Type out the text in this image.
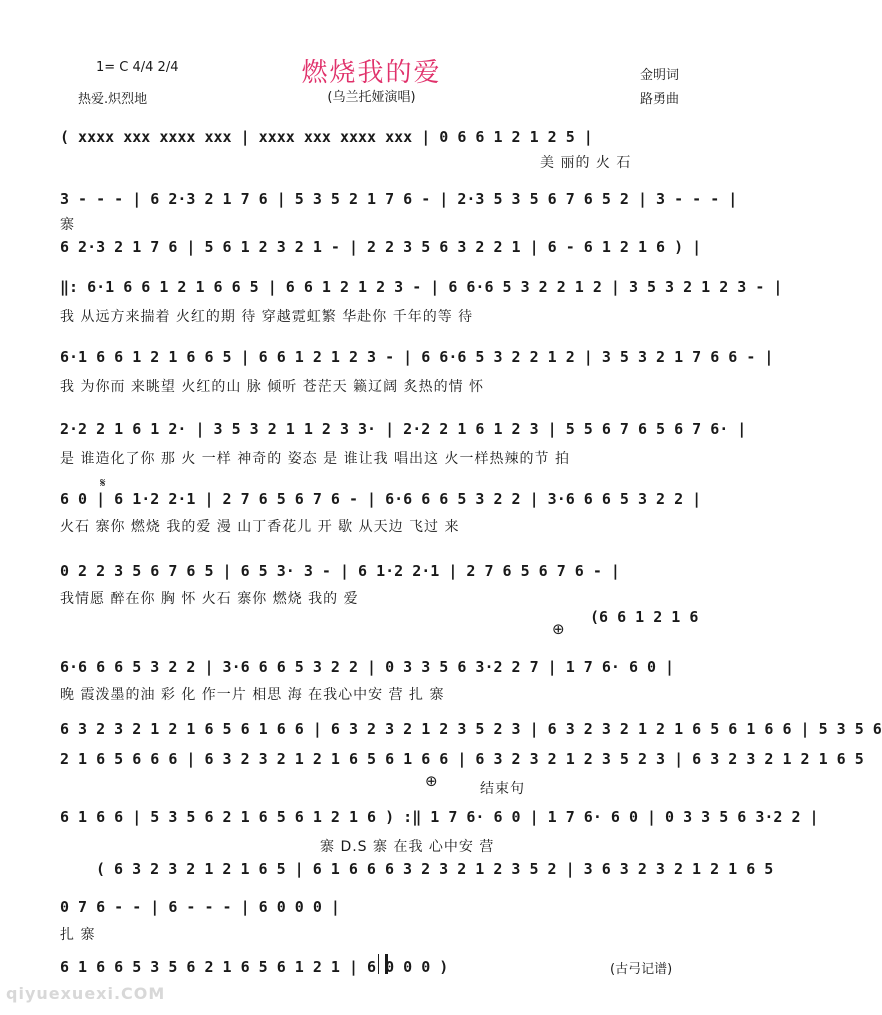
1= C 4/4 2/4
热爱.炽烈地
燃烧我的爱
(乌兰托娅演唱)
金明词
路勇曲
( xxxx xxx xxxx xxx | xxxx xxx xxxx xxx | 0 6 6 1 2 1 2 5 |
美 丽的 火 石
3 - - - | 6 2·3 2 1 7 6 | 5 3 5 2 1 7 6 - | 2·3 5 3 5 6 7 6 5 2 | 3 - - - |
寨
6 2·3 2 1 7 6 | 5 6 1 2 3 2 1 - | 2 2 3 5 6 3 2 2 1 | 6 - 6 1 2 1 6 ) |
‖: 6·1 6 6 1 2 1 6 6 5 | 6 6 1 2 1 2 3 - | 6 6·6 5 3 2 2 1 2 | 3 5 3 2 1 2 3 - |
我 从远方来揣着 火红的期 待 穿越霓虹繁 华赴你 千年的等 待
6·1 6 6 1 2 1 6 6 5 | 6 6 1 2 1 2 3 - | 6 6·6 5 3 2 2 1 2 | 3 5 3 2 1 7 6 6 - |
我 为你而 来眺望 火红的山 脉 倾听 苍茫天 籁辽阔 炙热的情 怀
2·2 2 1 6 1 2· | 3 5 3 2 1 1 2 3 3· | 2·2 2 1 6 1 2 3 | 5 5 6 7 6 5 6 7 6· |
是 谁造化了你 那 火 一样 神奇的 姿态 是 谁让我 唱出这 火一样热辣的节 拍
6 0 | 6 1·2 2·1 | 2 7 6 5 6 7 6 - | 6·6 6 6 5 3 2 2 | 3·6 6 6 5 3 2 2 |
火石 寨你 燃烧 我的爱 漫 山丁香花儿 开 歇 从天边 飞过 来
0 2 2 3 5 6 7 6 5 | 6 5 3· 3 - | 6 1·2 2·1 | 2 7 6 5 6 7 6 - |
我情愿 醉在你 胸 怀 火石 寨你 燃烧 我的 爱
(6 6 1 2 1 6
6·6 6 6 5 3 2 2 | 3·6 6 6 5 3 2 2 | 0 3 3 5 6 3·2 2 7 | 1 7 6· 6 0 |
晚 霞泼墨的油 彩 化 作一片 相思 海 在我心中安 营 扎 寨
6 3 2 3 2 1 2 1 6 5 6 1 6 6 | 6 3 2 3 2 1 2 3 5 2 3 | 6 3 2 3 2 1 2 1 6 5 6 1 6 6 | 5 3 5 6
2 1 6 5 6 6 6 | 6 3 2 3 2 1 2 1 6 5 6 1 6 6 | 6 3 2 3 2 1 2 3 5 2 3 | 6 3 2 3 2 1 2 1 6 5
结束句
6 1 6 6 | 5 3 5 6 2 1 6 5 6 1 2 1 6 ) :‖ 1 7 6· 6 0 | 1 7 6· 6 0 | 0 3 3 5 6 3·2 2 |
寨 D.S 寨 在我 心中安 营
( 6 3 2 3 2 1 2 1 6 5 | 6 1 6 6 6 3 2 3 2 1 2 3 5 2 | 3 6 3 2 3 2 1 2 1 6 5
0 7 6 - - | 6 - - - | 6 0 0 0 |
扎 寨
6 1 6 6 5 3 5 6 2 1 6 5 6 1 2 1 | 6 0 0 0 )
𝄋
⊕
⊕
(古弓记谱)
qiyuexuexi.COM
